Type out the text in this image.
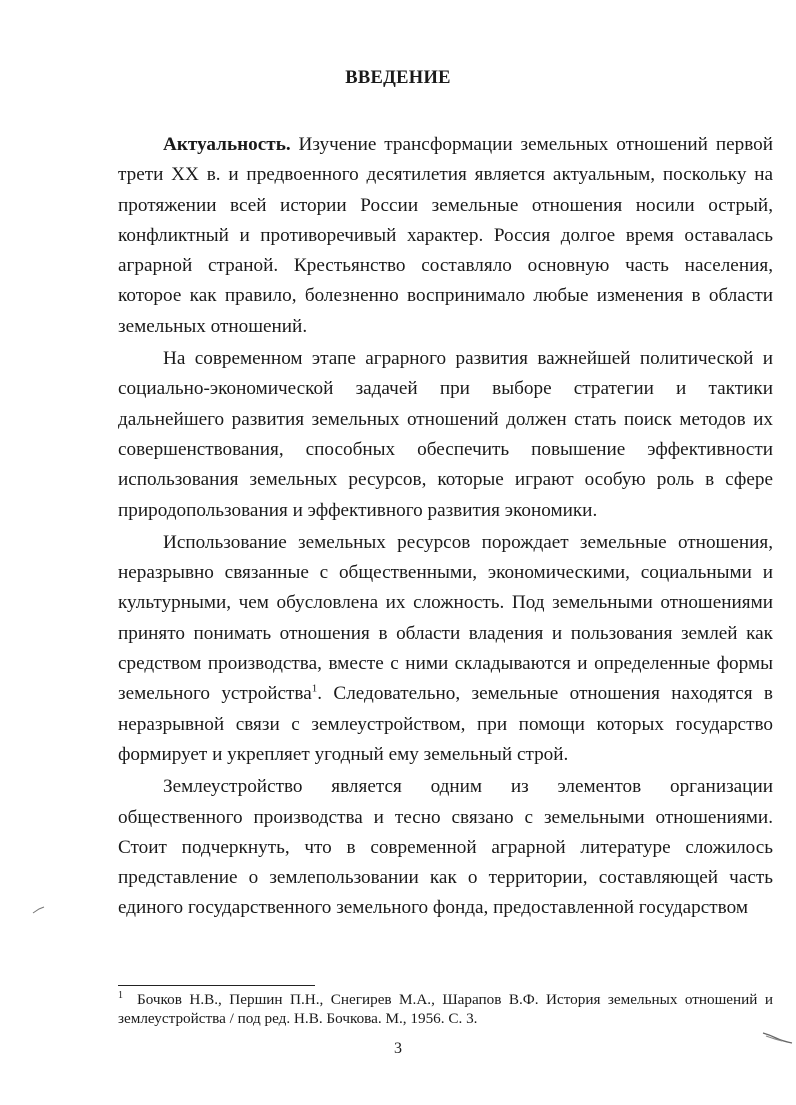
ВВЕДЕНИЕ

Актуальность. Изучение трансформации земельных отношений первой трети XX в. и предвоенного десятилетия является актуальным, поскольку на протяжении всей истории России земельные отношения носили острый, конфликтный и противоречивый характер. Россия долгое время оставалась аграрной страной. Крестьянство составляло основную часть населения, которое как правило, болезненно воспринимало любые изменения в области земельных отношений.

На современном этапе аграрного развития важнейшей политической и социально-экономической задачей при выборе стратегии и тактики дальнейшего развития земельных отношений должен стать поиск методов их совершенствования, способных обеспечить повышение эффективности использования земельных ресурсов, которые играют особую роль в сфере природопользования и эффективного развития экономики.

Использование земельных ресурсов порождает земельные отношения, неразрывно связанные с общественными, экономическими, социальными и культурными, чем обусловлена их сложность. Под земельными отношениями принято понимать отношения в области владения и пользования землей как средством производства, вместе с ними складываются и определенные формы земельного устройства$^1$. Следовательно, земельные отношения находятся в неразрывной связи с землеустройством, при помощи которых государство формирует и укрепляет угодный ему земельный строй.

Землеустройство является одним из элементов организации общественного производства и тесно связано с земельными отношениями. Стоит подчеркнуть, что в современной аграрной литературе сложилось представление о землепользовании как о территории, составляющей часть единого государственного земельного фонда, предоставленной государством

$^1$ Бочков Н.В., Першин П.Н., Снегирев М.А., Шарапов В.Ф. История земельных отношений и землеустройства / под ред. Н.В. Бочкова. М., 1956. С. 3.
3
